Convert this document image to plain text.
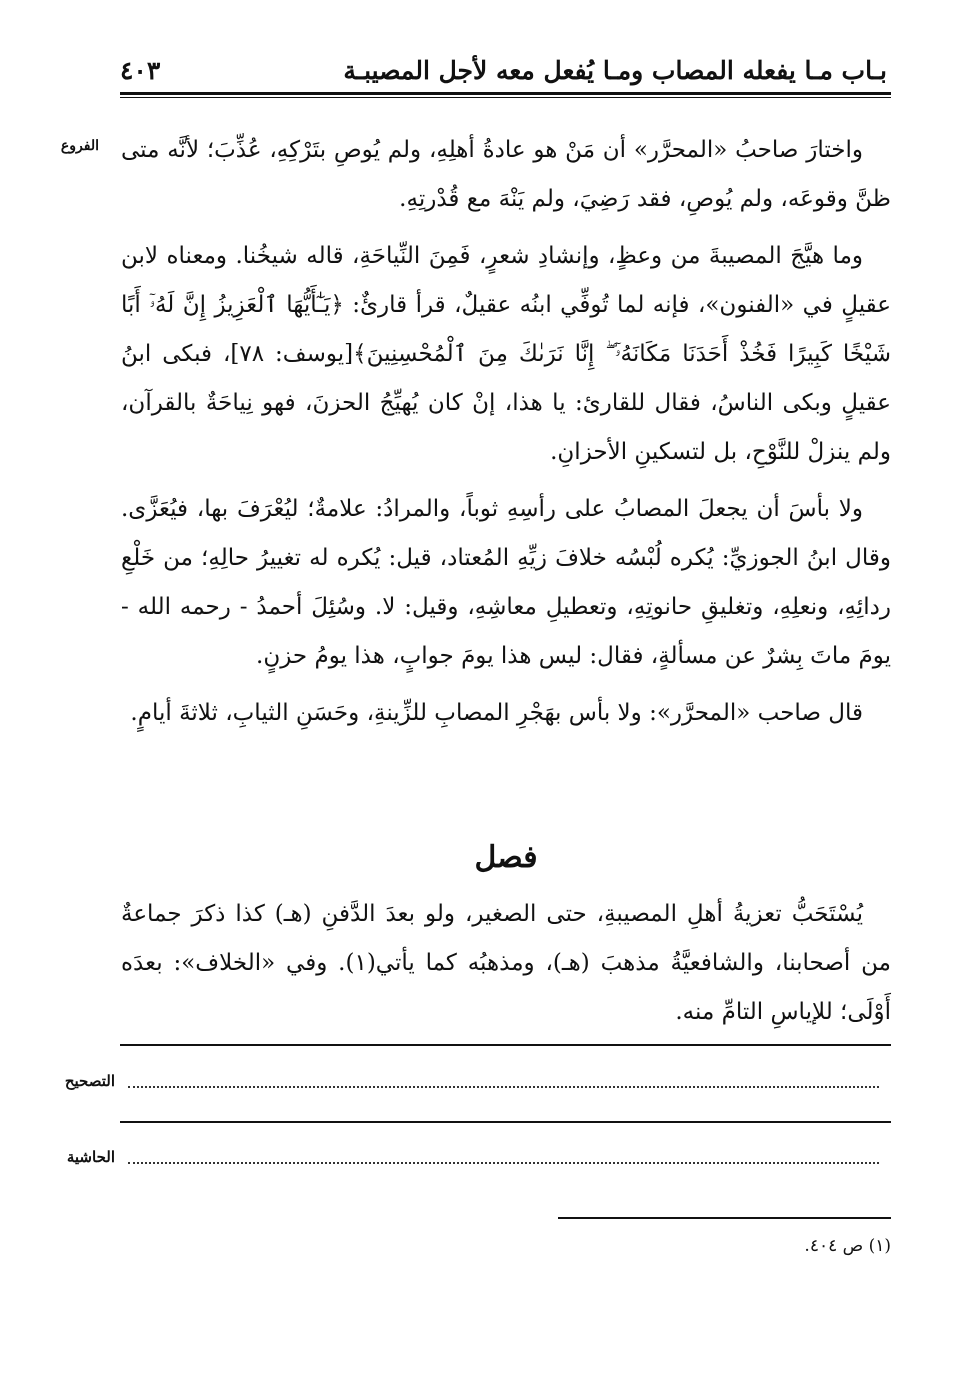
بـاب مـا يفعله المصاب ومـا يُفعل معه لأجل المصيبـة
٤٠٣
الفروع واختارَ صاحبُ «المحرَّر» أن مَنْ هو عادةُ أهلِهِ، ولم يُوصِ بتَرْكِهِ، عُذِّبَ؛ لأنَّه متى ظنَّ وقوعَه، ولم يُوصِ، فقد رَضِيَ، ولم يَنْهَ مع قُدْرتِهِ.

وما هيَّجَ المصيبةَ من وعظٍ، وإنشادِ شعرٍ، فَمِنَ النِّياحَةِ، قاله شيخُنا. ومعناه لابن عقيلٍ في «الفنون»، فإنه لما تُوفِّي ابنُه عقيلٌ، قرأ قارئٌ: ﴿يَـٰٓأَيُّهَا ٱلْعَزِيزُ إِنَّ لَهُۥٓ أَبًا شَيْخًا كَبِيرًا فَخُذْ أَحَدَنَا مَكَانَهُۥٓ ۖ إِنَّا نَرَىٰكَ مِنَ ٱلْمُحْسِنِينَ﴾[يوسف: ٧٨]، فبكى ابنُ عقيلٍ وبكى الناسُ، فقال للقارئ: يا هذا، إنْ كان يُهيِّجُ الحزنَ، فهو نِياحَةٌ بالقرآن، ولم ينزلْ للنَّوْحِ، بل لتسكينِ الأحزانِ.

ولا بأسَ أن يجعلَ المصابُ على رأسِهِ ثوباً، والمرادُ: علامةٌ؛ ليُعْرَفَ بها، فيُعَزَّى. وقال ابنُ الجوزيِّ: يُكره لُبْسُه خلافَ زيِّهِ المُعتاد، قيل: يُكره له تغييرُ حالِهِ؛ من خَلْعِ ردائِهِ، ونعلِهِ، وتغليقِ حانوتِهِ، وتعطيلِ معاشِهِ، وقيل: لا. وسُئِلَ أحمدُ - رحمه الله - يومَ ماتَ بِشرٌ عن مسألةٍ، فقال: ليس هذا يومَ جوابٍ، هذا يومُ حزنٍ.

قال صاحب «المحرَّر»: ولا بأس بهَجْرِ المصابِ للزِّينةِ، وحَسَنِ الثيابِ، ثلاثةَ أيامٍ.

فصل

يُسْتَحَبُّ تعزيةُ أهلِ المصيبةِ، حتى الصغير، ولو بعدَ الدَّفنِ (هـ) كذا ذكرَ جماعةٌ من أصحابنا، والشافعيَّةُ مذهبَ (هـ)، ومذهبُه كما يأتي(١). وفي «الخلاف»: بعدَه أَوْلَى؛ للإياسِ التامِّ منه.

التصحيح
الحاشية
(١) ص ٤٠٤.
